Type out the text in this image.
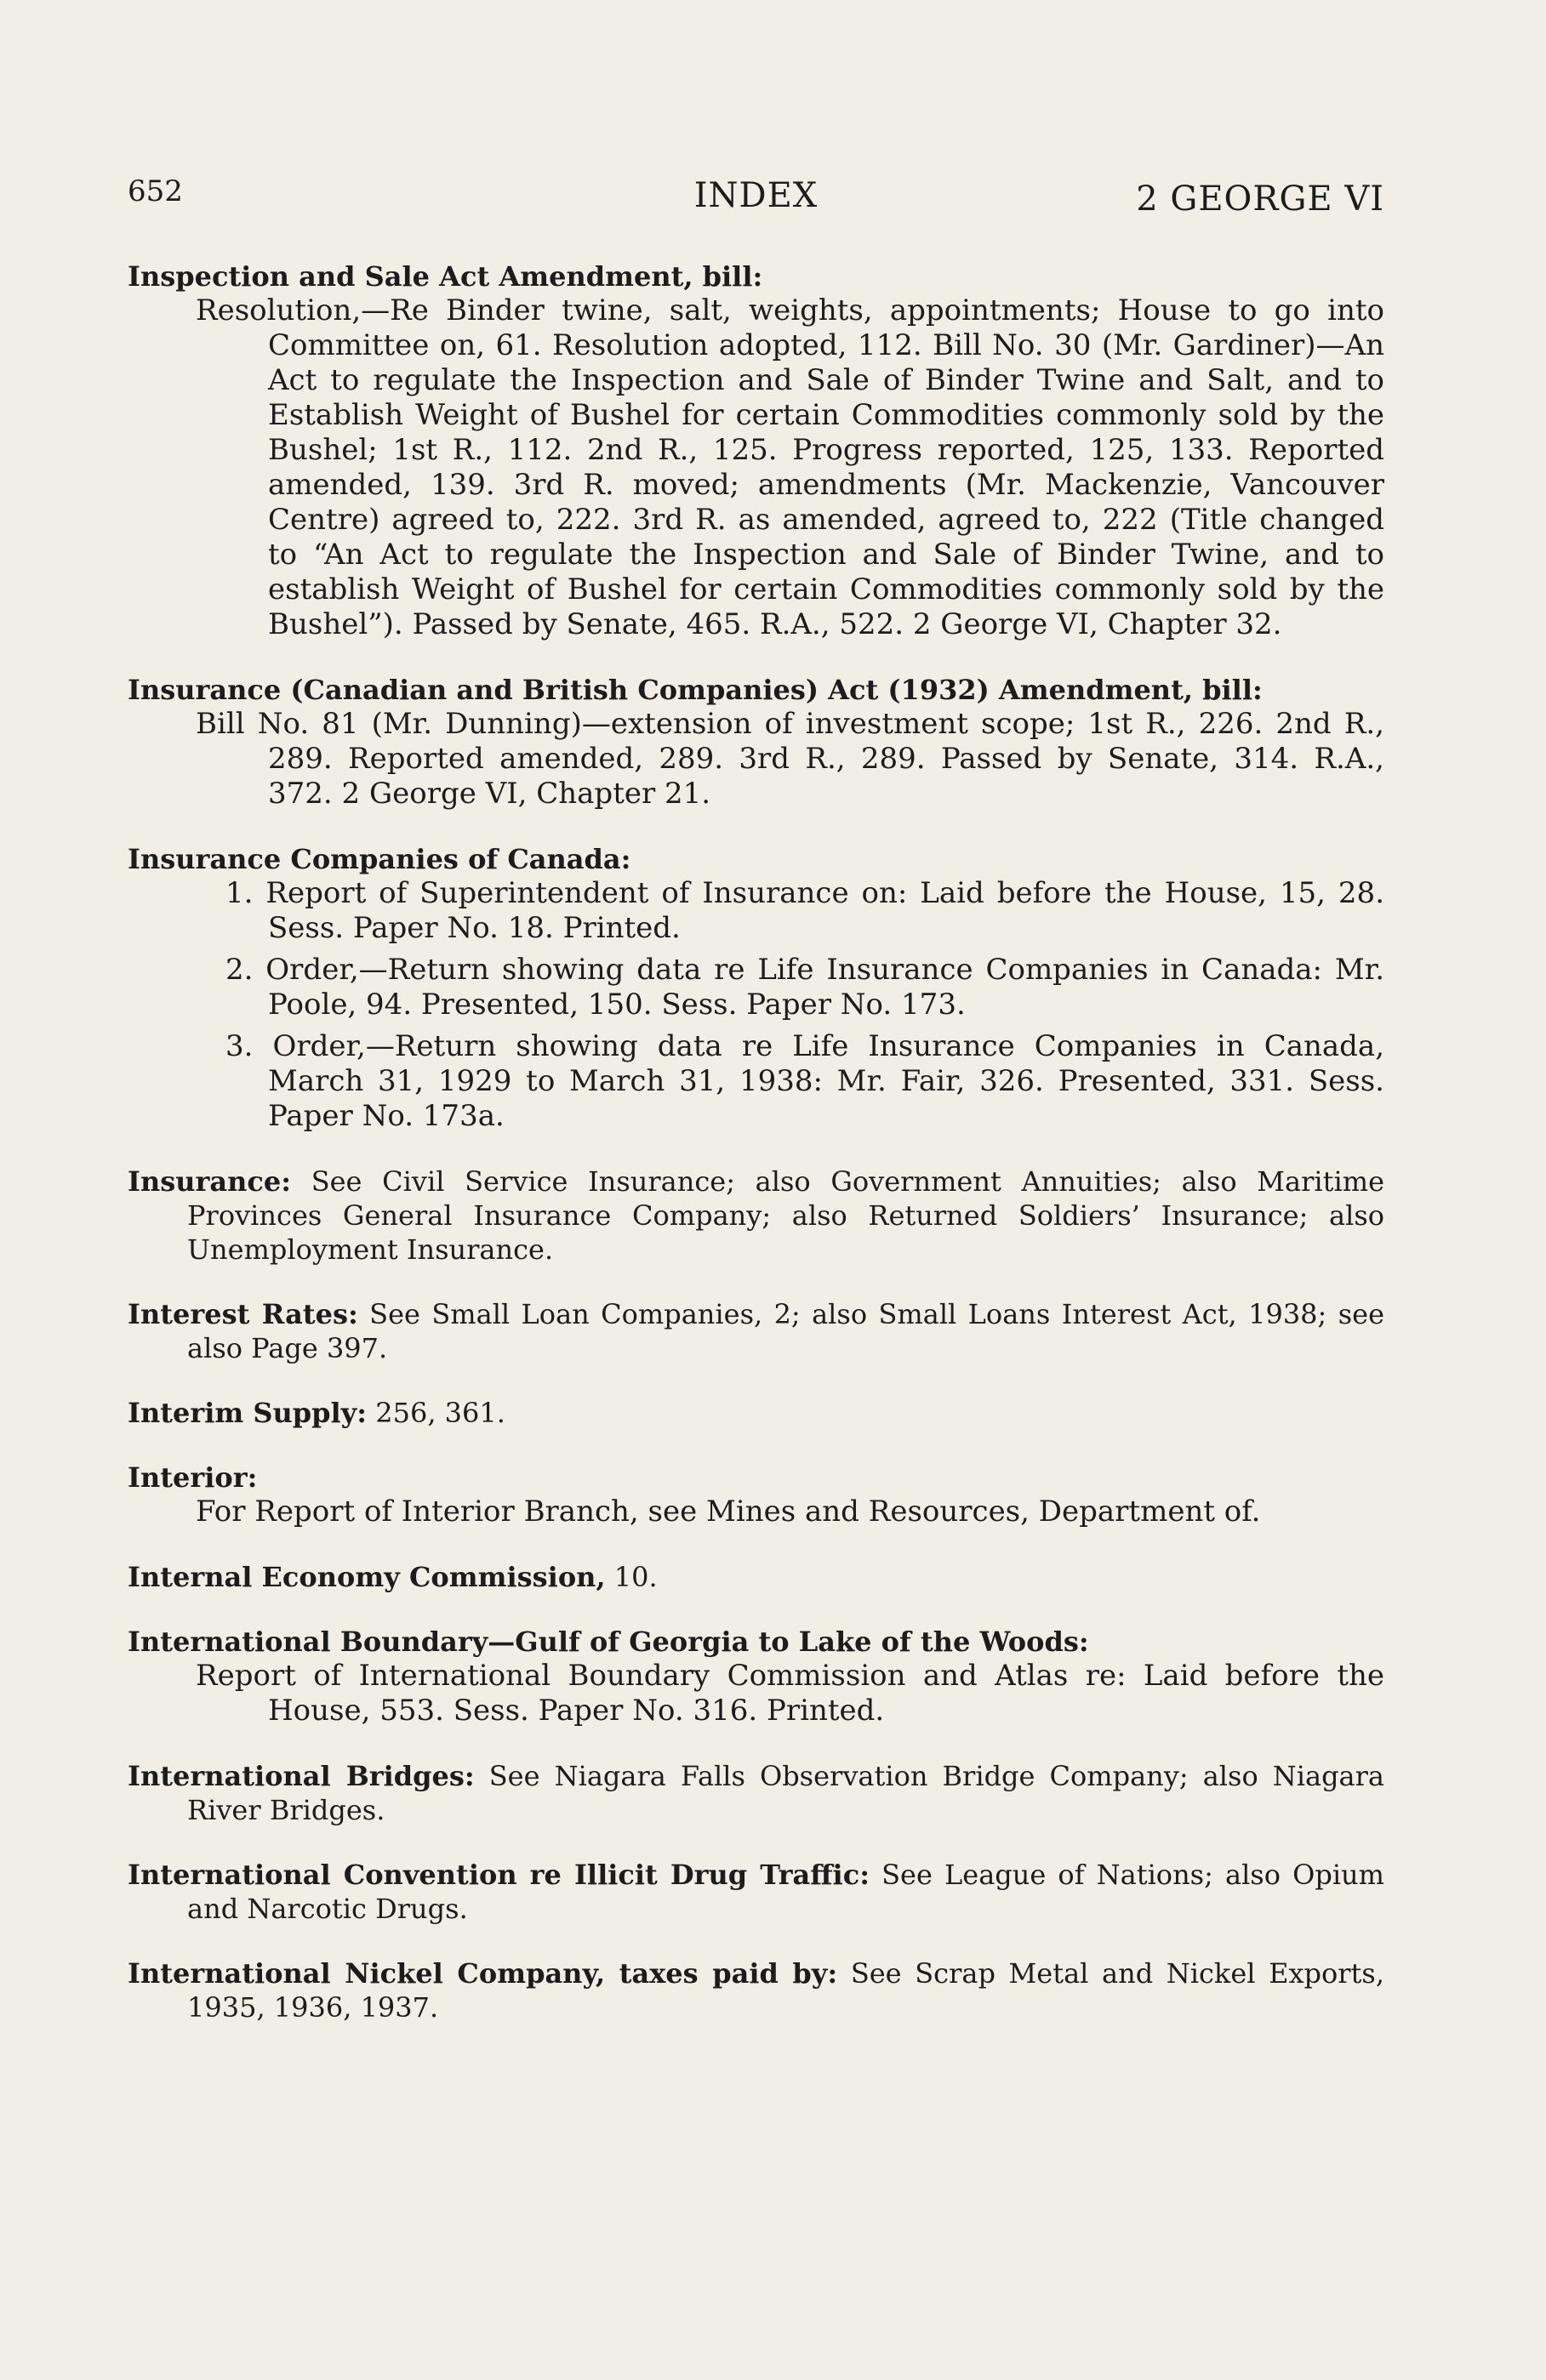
652	INDEX	2 GEORGE VI
Inspection and Sale Act Amendment, bill:
Resolution,—Re Binder twine, salt, weights, appointments; House to go into Committee on, 61. Resolution adopted, 112. Bill No. 30 (Mr. Gardiner)—An Act to regulate the Inspection and Sale of Binder Twine and Salt, and to Establish Weight of Bushel for certain Commodities commonly sold by the Bushel; 1st R., 112. 2nd R., 125. Progress reported, 125, 133. Reported amended, 139. 3rd R. moved; amendments (Mr. Mackenzie, Vancouver Centre) agreed to, 222. 3rd R. as amended, agreed to, 222 (Title changed to “An Act to regulate the Inspection and Sale of Binder Twine, and to establish Weight of Bushel for certain Commodities commonly sold by the Bushel”). Passed by Senate, 465. R.A., 522. 2 George VI, Chapter 32.
Insurance (Canadian and British Companies) Act (1932) Amendment, bill:
Bill No. 81 (Mr. Dunning)—extension of investment scope; 1st R., 226. 2nd R., 289. Reported amended, 289. 3rd R., 289. Passed by Senate, 314. R.A., 372. 2 George VI, Chapter 21.
Insurance Companies of Canada:
1. Report of Superintendent of Insurance on: Laid before the House, 15, 28. Sess. Paper No. 18. Printed.
2. Order,—Return showing data re Life Insurance Companies in Canada: Mr. Poole, 94. Presented, 150. Sess. Paper No. 173.
3. Order,—Return showing data re Life Insurance Companies in Canada, March 31, 1929 to March 31, 1938: Mr. Fair, 326. Presented, 331. Sess. Paper No. 173a.
Insurance: See Civil Service Insurance; also Government Annuities; also Maritime Provinces General Insurance Company; also Returned Soldiers’ Insurance; also Unemployment Insurance.
Interest Rates: See Small Loan Companies, 2; also Small Loans Interest Act, 1938; see also Page 397.
Interim Supply: 256, 361.
Interior:
For Report of Interior Branch, see Mines and Resources, Department of.
Internal Economy Commission, 10.
International Boundary—Gulf of Georgia to Lake of the Woods:
Report of International Boundary Commission and Atlas re: Laid before the House, 553. Sess. Paper No. 316. Printed.
International Bridges: See Niagara Falls Observation Bridge Company; also Niagara River Bridges.
International Convention re Illicit Drug Traffic: See League of Nations; also Opium and Narcotic Drugs.
International Nickel Company, taxes paid by: See Scrap Metal and Nickel Exports, 1935, 1936, 1937.
